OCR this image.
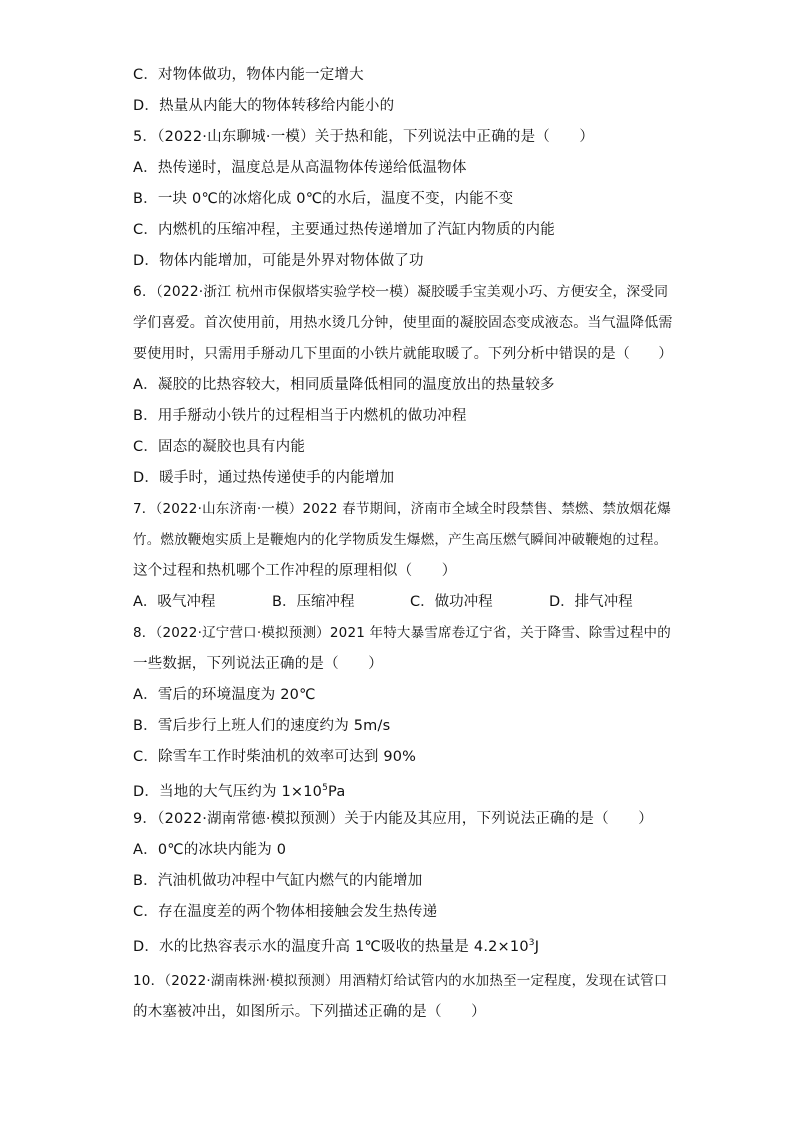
C．对物体做功，物体内能一定增大
D．热量从内能大的物体转移给内能小的
5．（2022·山东聊城·一模）关于热和能，下列说法中正确的是（　　）
A．热传递时，温度总是从高温物体传递给低温物体
B．一块 0℃的冰熔化成 0℃的水后，温度不变，内能不变
C．内燃机的压缩冲程，主要通过热传递增加了汽缸内物质的内能
D．物体内能增加，可能是外界对物体做了功
6．（2022·浙江 杭州市保俶塔实验学校一模）凝胶暖手宝美观小巧、方便安全，深受同
学们喜爱。首次使用前，用热水烫几分钟，使里面的凝胶固态变成液态。当气温降低需
要使用时，只需用手掰动几下里面的小铁片就能取暖了。下列分析中错误的是（　　）
A．凝胶的比热容较大，相同质量降低相同的温度放出的热量较多
B．用手掰动小铁片的过程相当于内燃机的做功冲程
C．固态的凝胶也具有内能
D．暖手时，通过热传递使手的内能增加
7．（2022·山东济南·一模）2022 春节期间，济南市全域全时段禁售、禁燃、禁放烟花爆
竹。燃放鞭炮实质上是鞭炮内的化学物质发生爆燃，产生高压燃气瞬间冲破鞭炮的过程。
这个过程和热机哪个工作冲程的原理相似（　　）
A．吸气冲程	B．压缩冲程	C．做功冲程	D．排气冲程
8．（2022·辽宁营口·模拟预测）2021 年特大暴雪席卷辽宁省，关于降雪、除雪过程中的
一些数据，下列说法正确的是（　　）
A．雪后的环境温度为 20℃
B．雪后步行上班人们的速度约为 5m/s
C．除雪车工作时柴油机的效率可达到 90%
D．当地的大气压约为 $1\times 10^5Pa$
9．（2022·湖南常德·模拟预测）关于内能及其应用，下列说法正确的是（　　）
A．0℃的冰块内能为 0
B．汽油机做功冲程中气缸内燃气的内能增加
C．存在温度差的两个物体相接触会发生热传递
D．水的比热容表示水的温度升高 1℃吸收的热量是 $4.2\times 10^3J$
10．（2022·湖南株洲·模拟预测）用酒精灯给试管内的水加热至一定程度，发现在试管口
的木塞被冲出，如图所示。下列描述正确的是（　　）
